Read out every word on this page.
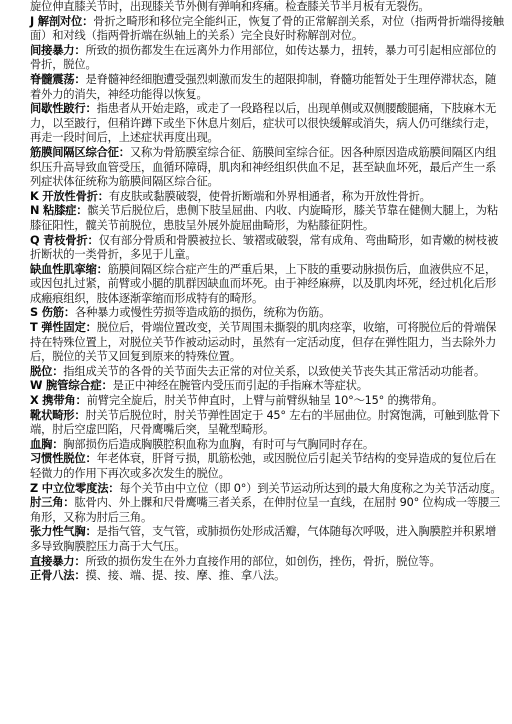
旋位伸直膝关节时，出现膝关节外侧有弹响和疼痛。检查膝关节半月板有无裂伤。

J 解剖对位：骨折之畸形和移位完全能纠正，恢复了骨的正常解剖关系，对位（指两骨折端得接触面）和对线（指两骨折端在纵轴上的关系）完全良好时称解剖对位。

间接暴力：所致的损伤都发生在远离外力作用部位，如传达暴力，扭转，暴力可引起相应部位的骨折，脱位。

脊髓震荡：是脊髓神经细胞遭受强烈刺激而发生的超限抑制，脊髓功能暂处于生理停滞状态，随着外力的消失，神经功能得以恢复。

间歇性跛行：指患者从开始走路，或走了一段路程以后，出现单侧或双侧腰酸腿痛，下肢麻木无力，以至跛行，但稍许蹲下或坐下休息片刻后，症状可以很快缓解或消失，病人仍可继续行走，再走一段时间后，上述症状再度出现。

筋膜间隔区综合征：又称为骨筋膜室综合征、筋膜间室综合征。因各种原因造成筋膜间隔区内组织压升高导致血管受压，血循环障碍，肌肉和神经组织供血不足，甚至缺血坏死，最后产生一系列症状体征统称为筋膜间隔区综合征。

K 开放性骨折：有皮肤或黏膜破裂，使骨折断端和外界相通者，称为开放性骨折。

N 粘膝症：髌关节后脱位后，患侧下肢呈屈曲、内收、内旋畸形，膝关节靠在健侧大腿上，为粘膝征阳性，髋关节前脱位，患肢呈外展外旋屈曲畸形，为粘膝征阴性。

Q 青枝骨折：仅有部分骨质和骨膜被拉长、皱褶或破裂，常有成角、弯曲畸形，如青嫩的树枝被折断状的一类骨折，多见于儿童。

缺血性肌挛缩：筋膜间隔区综合症产生的严重后果，上下肢的重要动脉损伤后，血液供应不足，或因包扎过紧，前臂或小腿的肌群因缺血而坏死。由于神经麻痹，以及肌肉坏死，经过机化后形成瘢痕组织，肢体逐渐挛缩而形成特有的畸形。

S 伤筋：各种暴力或慢性劳损等造成筋的损伤，统称为伤筋。

T 弹性固定：脱位后，骨端位置改变，关节周围未撕裂的肌肉痉挛，收缩，可将脱位后的骨端保持在特殊位置上，对脱位关节作被动运动时，虽然有一定活动度，但存在弹性阻力，当去除外力后，脱位的关节又回复到原来的特殊位置。

脱位：指组成关节的各骨的关节面失去正常的对位关系，以致使关节丧失其正常活动功能者。

W 腕管综合症：是正中神经在腕管内受压而引起的手指麻木等症状。

X 携带角：前臂完全旋后，肘关节伸直时，上臂与前臂纵轴呈 10°～15° 的携带角。

靴状畸形：肘关节后脱位时，肘关节弹性固定于 45° 左右的半屈曲位。肘窝饱满，可触到肱骨下端，肘后空虚凹陷，尺骨鹰嘴后突，呈靴型畸形。

血胸：胸部损伤后造成胸膜腔积血称为血胸，有时可与气胸同时存在。

习惯性脱位：年老体衰，肝肾亏损，肌筋松弛，或因脱位后引起关节结构的变异造成的复位后在轻微力的作用下再次或多次发生的脱位。

Z 中立位零度法：每个关节由中立位（即 0°）到关节运动所达到的最大角度称之为关节活动度。

肘三角：肱骨内、外上髁和尺骨鹰嘴三者关系，在伸肘位呈一直线，在屈肘 90° 位构成一等腰三角形，又称为肘后三角。

张力性气胸：是指气管，支气管，或肺损伤处形成活瓣，气体随每次呼吸，进入胸膜腔并积累增多导致胸膜腔压力高于大气压。

直接暴力：所致的损伤发生在外力直接作用的部位，如创伤，挫伤，骨折，脱位等。

正骨八法：摸、接、端、提、按、摩、推、拿八法。
